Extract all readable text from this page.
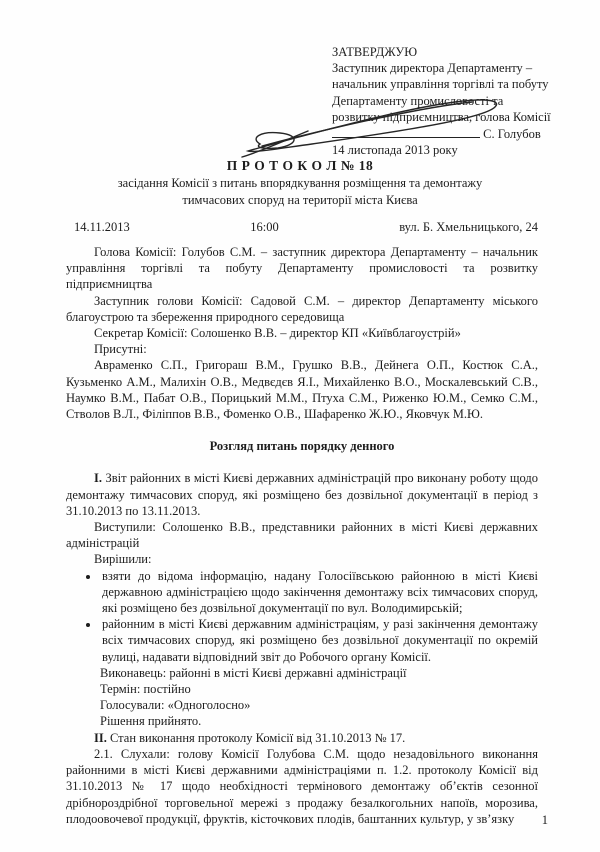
ЗАТВЕРДЖУЮ
Заступник директора Департаменту –
начальник управління торгівлі та побуту
Департаменту промисловості та
розвитку підприємництва, голова Комісії
С. Голубов
14 листопада 2013 року
П Р О Т О К О Л № 18
засідання Комісії з питань впорядкування розміщення та демонтажу
тимчасових споруд на території міста Києва
14.11.2013	16:00	вул. Б. Хмельницького, 24

Голова Комісії: Голубов С.М. – заступник директора Департаменту – начальник управління торгівлі та побуту Департаменту промисловості та розвитку підприємництва

Заступник голови Комісії: Садовой С.М. – директор Департаменту міського благоустрою та збереження природного середовища

Секретар Комісії: Солошенко В.В. – директор КП «Київблагоустрій»

Присутні:

Авраменко С.П., Григораш В.М., Грушко В.В., Дейнега О.П., Костюк С.А., Кузьменко А.М., Малихін О.В., Медвєдєв Я.І., Михайленко В.О., Москалевський С.В., Наумко В.М., Пабат О.В., Порицький М.М., Птуха С.М., Риженко Ю.М., Семко С.М., Стволов В.Л., Філіппов В.В., Фоменко О.В., Шафаренко Ж.Ю., Яковчук М.Ю.

Розгляд питань порядку денного

I. Звіт районних в місті Києві державних адміністрацій про виконану роботу щодо демонтажу тимчасових споруд, які розміщено без дозвільної документації в період з 31.10.2013 по 13.11.2013.

Виступили: Солошенко В.В., представники районних в місті Києві державних адміністрацій

Вирішили:

• взяти до відома інформацію, надану Голосіївською районною в місті Києві державною адміністрацією щодо закінчення демонтажу всіх тимчасових споруд, які розміщено без дозвільної документації по вул. Володимирській;
• районним в місті Києві державним адміністраціям, у разі закінчення демонтажу всіх тимчасових споруд, які розміщено без дозвільної документації по окремій вулиці, надавати відповідний звіт до Робочого органу Комісії.

Виконавець: районні в місті Києві державні адміністрації

Термін: постійно

Голосували: «Одноголосно»

Рішення прийнято.

II. Стан виконання протоколу Комісії від 31.10.2013 № 17.

2.1. Слухали: голову Комісії Голубова С.М. щодо незадовільного виконання районними в місті Києві державними адміністраціями п. 1.2. протоколу Комісії від 31.10.2013 № 17 щодо необхідності термінового демонтажу об’єктів сезонної дрібнороздрібної торговельної мережі з продажу безалкогольних напоїв, морозива, плодоовочевої продукції, фруктів, кісточкових плодів, баштанних культур, у зв’язку	1
